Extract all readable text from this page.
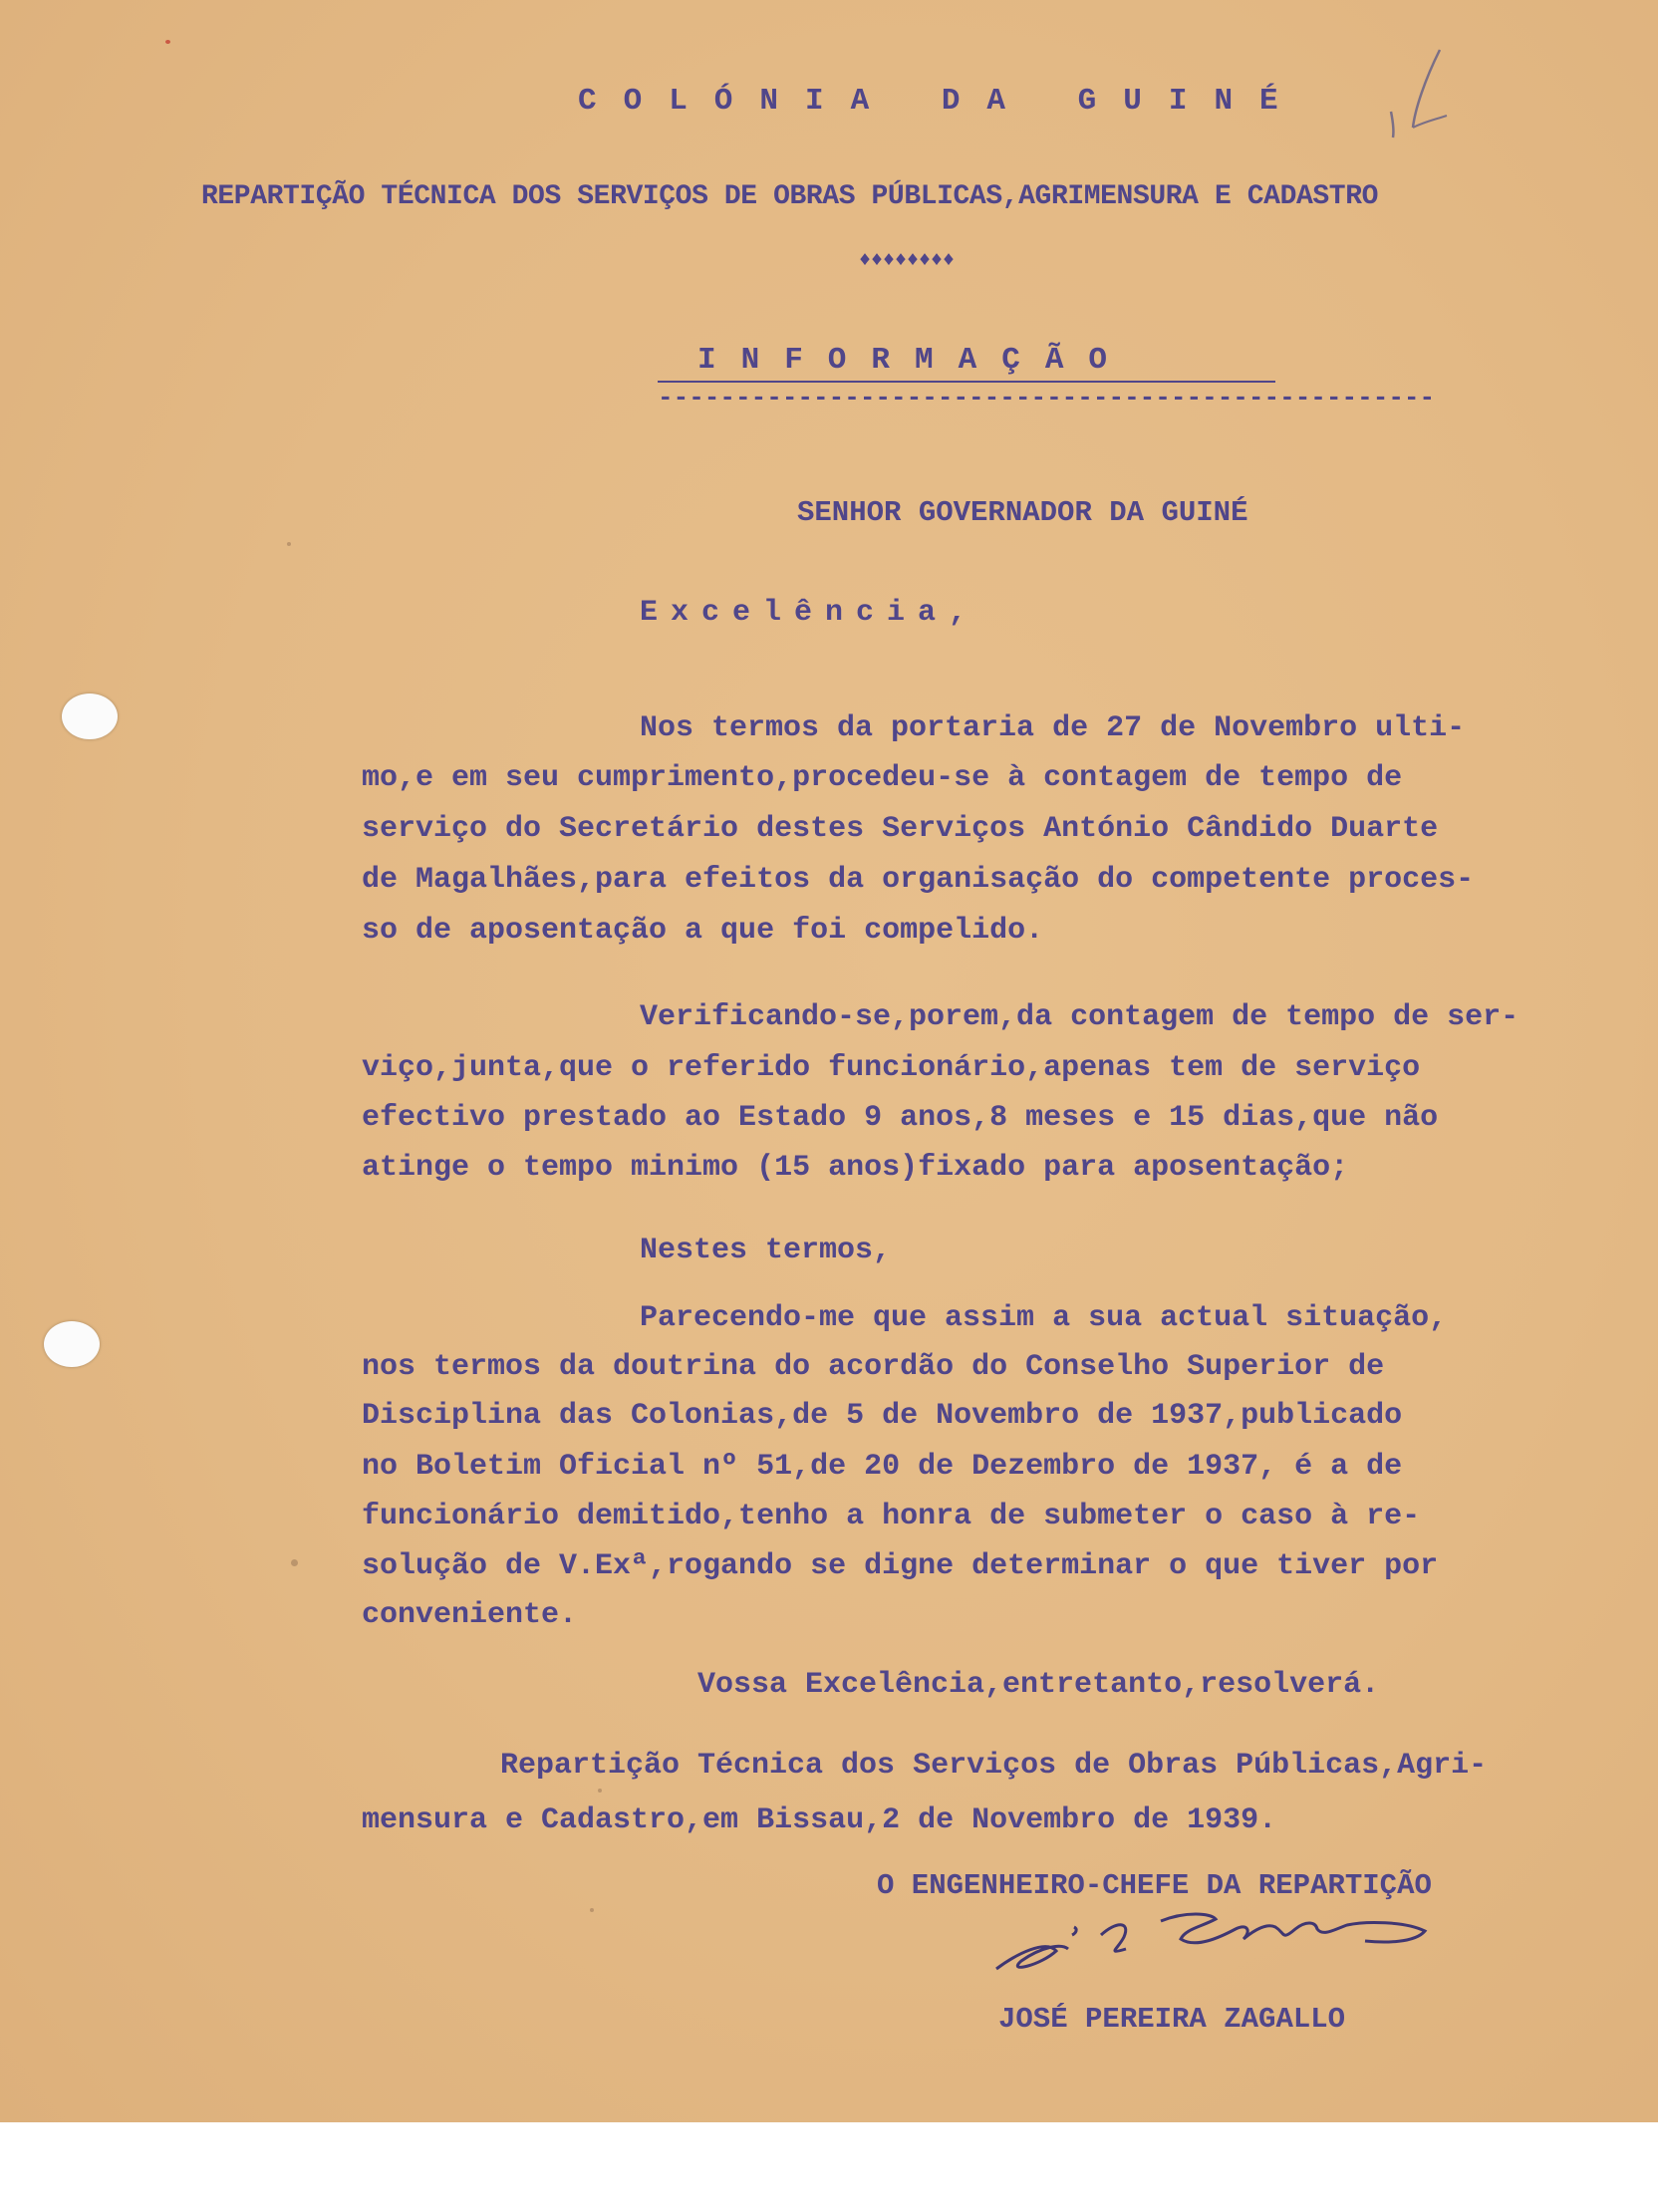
COLÓNIA DA GUINÉ
REPARTIÇÃO TÉCNICA DOS SERVIÇOS DE OBRAS PÚBLICAS,AGRIMENSURA E CADASTRO
♦♦♦♦♦♦♦♦
INFORMAÇÃO
--------------------------------------------------
SENHOR GOVERNADOR DA GUINÉ
Excelência,
Nos termos da portaria de 27 de Novembro ulti-
mo,e em seu cumprimento,procedeu-se à contagem de tempo de
serviço do Secretário destes Serviços António Cândido Duarte
de Magalhães,para efeitos da organisação do competente proces-
so de aposentação a que foi compelido.
Verificando-se,porem,da contagem de tempo de ser-
viço,junta,que o referido funcionário,apenas tem de serviço
efectivo prestado ao Estado 9 anos,8 meses e 15 dias,que não
atinge o tempo minimo (15 anos)fixado para aposentação;
Nestes termos,
Parecendo-me que assim a sua actual situação,
nos termos da doutrina do acordão do Conselho Superior de
Disciplina das Colonias,de 5 de Novembro de 1937,publicado
no Boletim Oficial nº 51,de 20 de Dezembro de 1937, é a de
funcionário demitido,tenho a honra de submeter o caso à re-
solução de V.Exª,rogando se digne determinar o que tiver por
conveniente.
Vossa Excelência,entretanto,resolverá.
Repartição Técnica dos Serviços de Obras Públicas,Agri-
mensura e Cadastro,em Bissau,2 de Novembro de 1939.
O ENGENHEIRO-CHEFE DA REPARTIÇÃO
JOSÉ PEREIRA ZAGALLO
